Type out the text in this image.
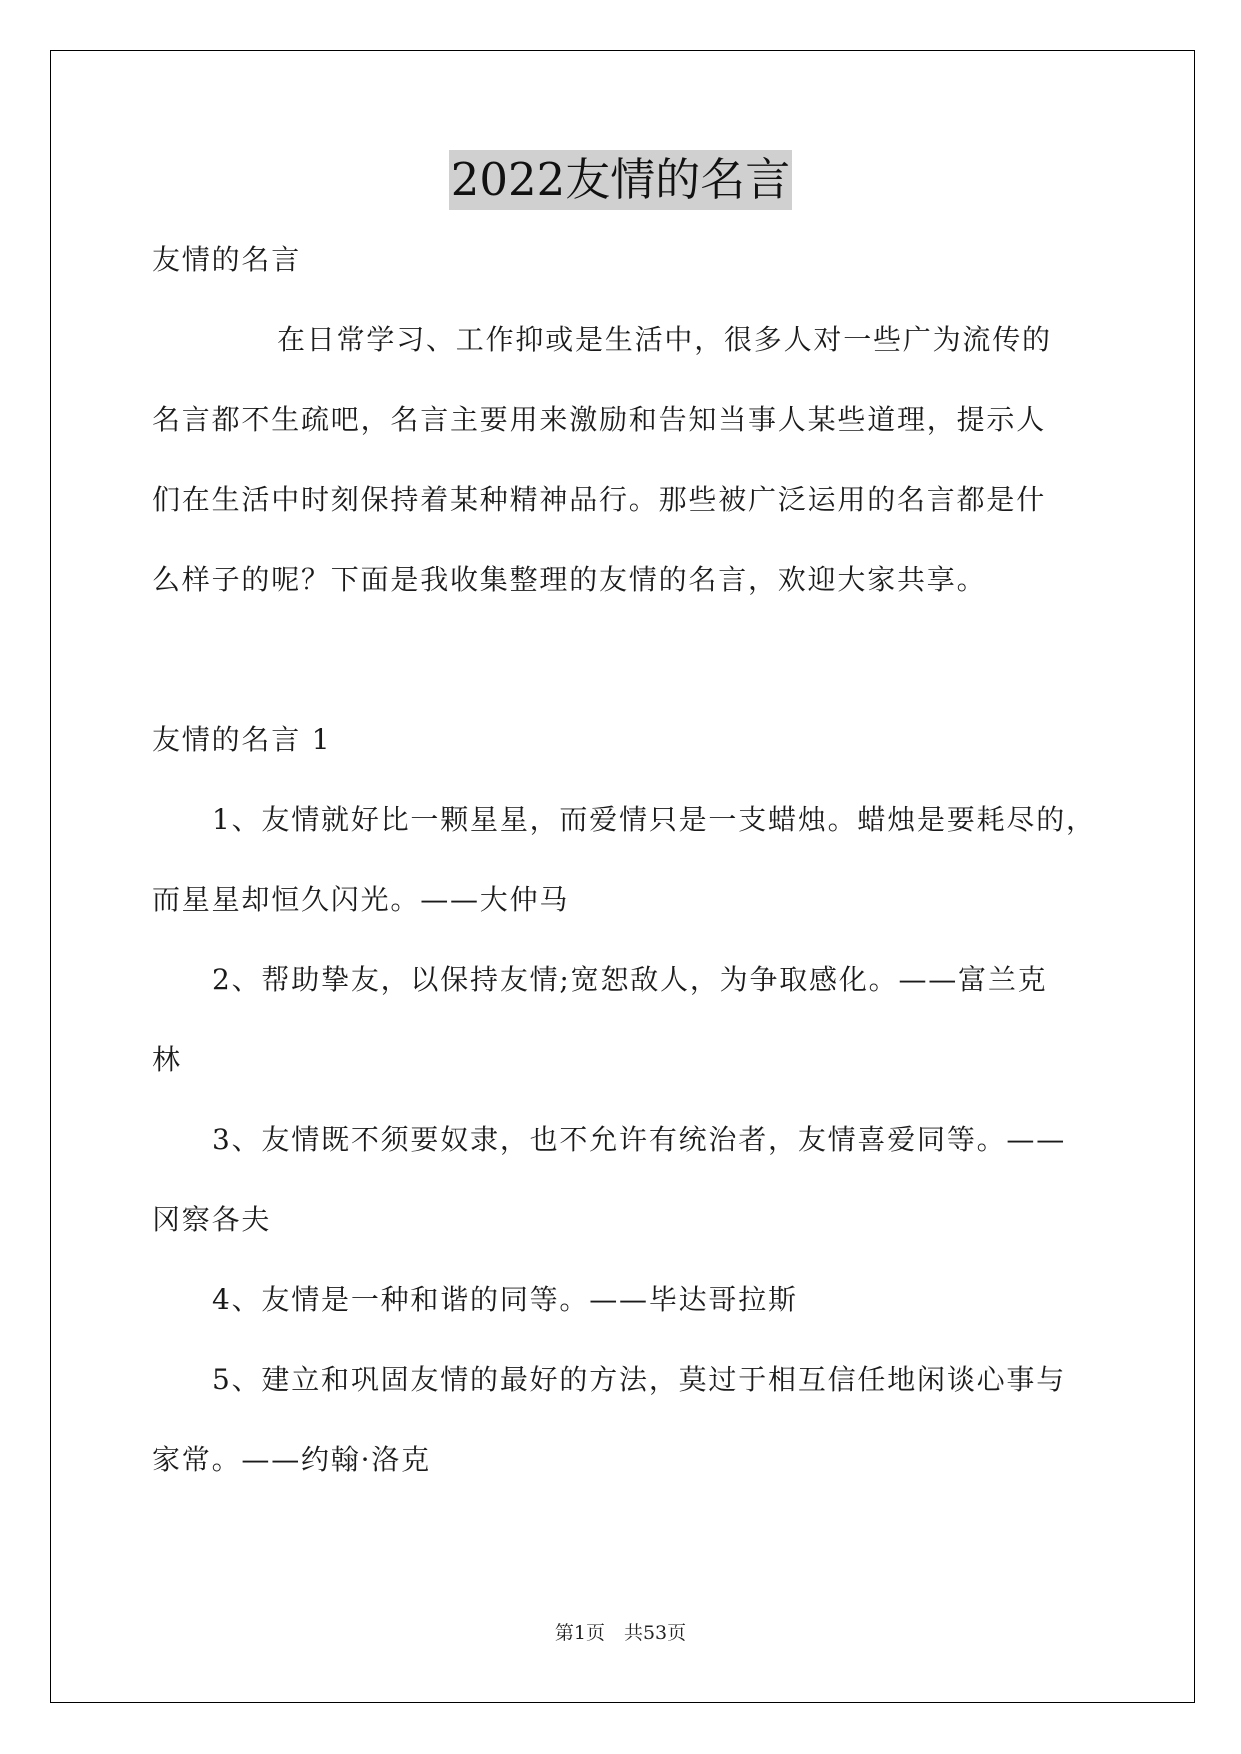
2022友情的名言
友情的名言
在日常学习、工作抑或是生活中，很多人对一些广为流传的
名言都不生疏吧，名言主要用来激励和告知当事人某些道理，提示人
们在生活中时刻保持着某种精神品行。那些被广泛运用的名言都是什
么样子的呢？下面是我收集整理的友情的名言，欢迎大家共享。
友情的名言 1
1、友情就好比一颗星星，而爱情只是一支蜡烛。蜡烛是要耗尽的，
而星星却恒久闪光。——大仲马
2、帮助挚友，以保持友情;宽恕敌人，为争取感化。——富兰克
林
3、友情既不须要奴隶，也不允许有统治者，友情喜爱同等。——
冈察各夫
4、友情是一种和谐的同等。——毕达哥拉斯
5、建立和巩固友情的最好的方法，莫过于相互信任地闲谈心事与
家常。——约翰·洛克
第1页　共53页
